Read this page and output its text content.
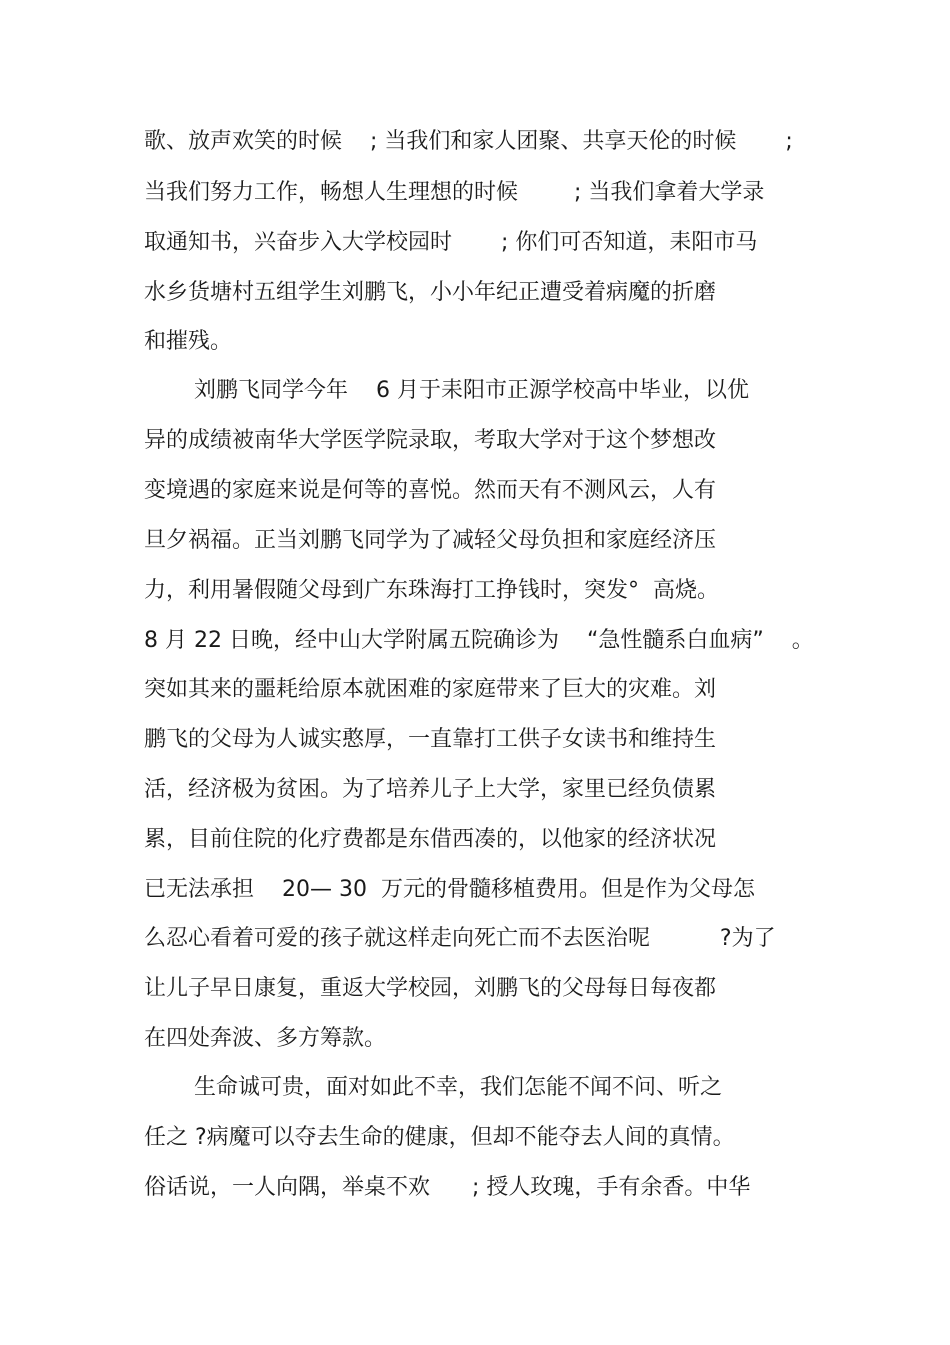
歌、放声欢笑的时候    ; 当我们和家人团聚、共享天伦的时候       ;

当我们努力工作，畅想人生理想的时候        ; 当我们拿着大学录

取通知书，兴奋步入大学校园时       ; 你们可否知道，耒阳市马

水乡货塘村五组学生刘鹏飞，小小年纪正遭受着病魔的折磨

和摧残。

刘鹏飞同学今年    6 月于耒阳市正源学校高中毕业，以优

异的成绩被南华大学医学院录取，考取大学对于这个梦想改

变境遇的家庭来说是何等的喜悦。然而天有不测风云，人有

旦夕祸福。正当刘鹏飞同学为了减轻父母负担和家庭经济压

力，利用暑假随父母到广东珠海打工挣钱时，突发°  高烧。

8 月 22 日晚，经中山大学附属五院确诊为    “急性髓系白血病”    。

突如其来的噩耗给原本就困难的家庭带来了巨大的灾难。刘

鹏飞的父母为人诚实憨厚，一直靠打工供子女读书和维持生

活，经济极为贫困。为了培养儿子上大学，家里已经负债累

累，目前住院的化疗费都是东借西凑的，以他家的经济状况

已无法承担    20— 30  万元的骨髓移植费用。但是作为父母怎

么忍心看着可爱的孩子就这样走向死亡而不去医治呢          ?为了

让儿子早日康复，重返大学校园，刘鹏飞的父母每日每夜都

在四处奔波、多方筹款。

生命诚可贵，面对如此不幸，我们怎能不闻不问、听之

任之 ?病魔可以夺去生命的健康，但却不能夺去人间的真情。

俗话说，一人向隅，举桌不欢      ; 授人玫瑰，手有余香。中华
